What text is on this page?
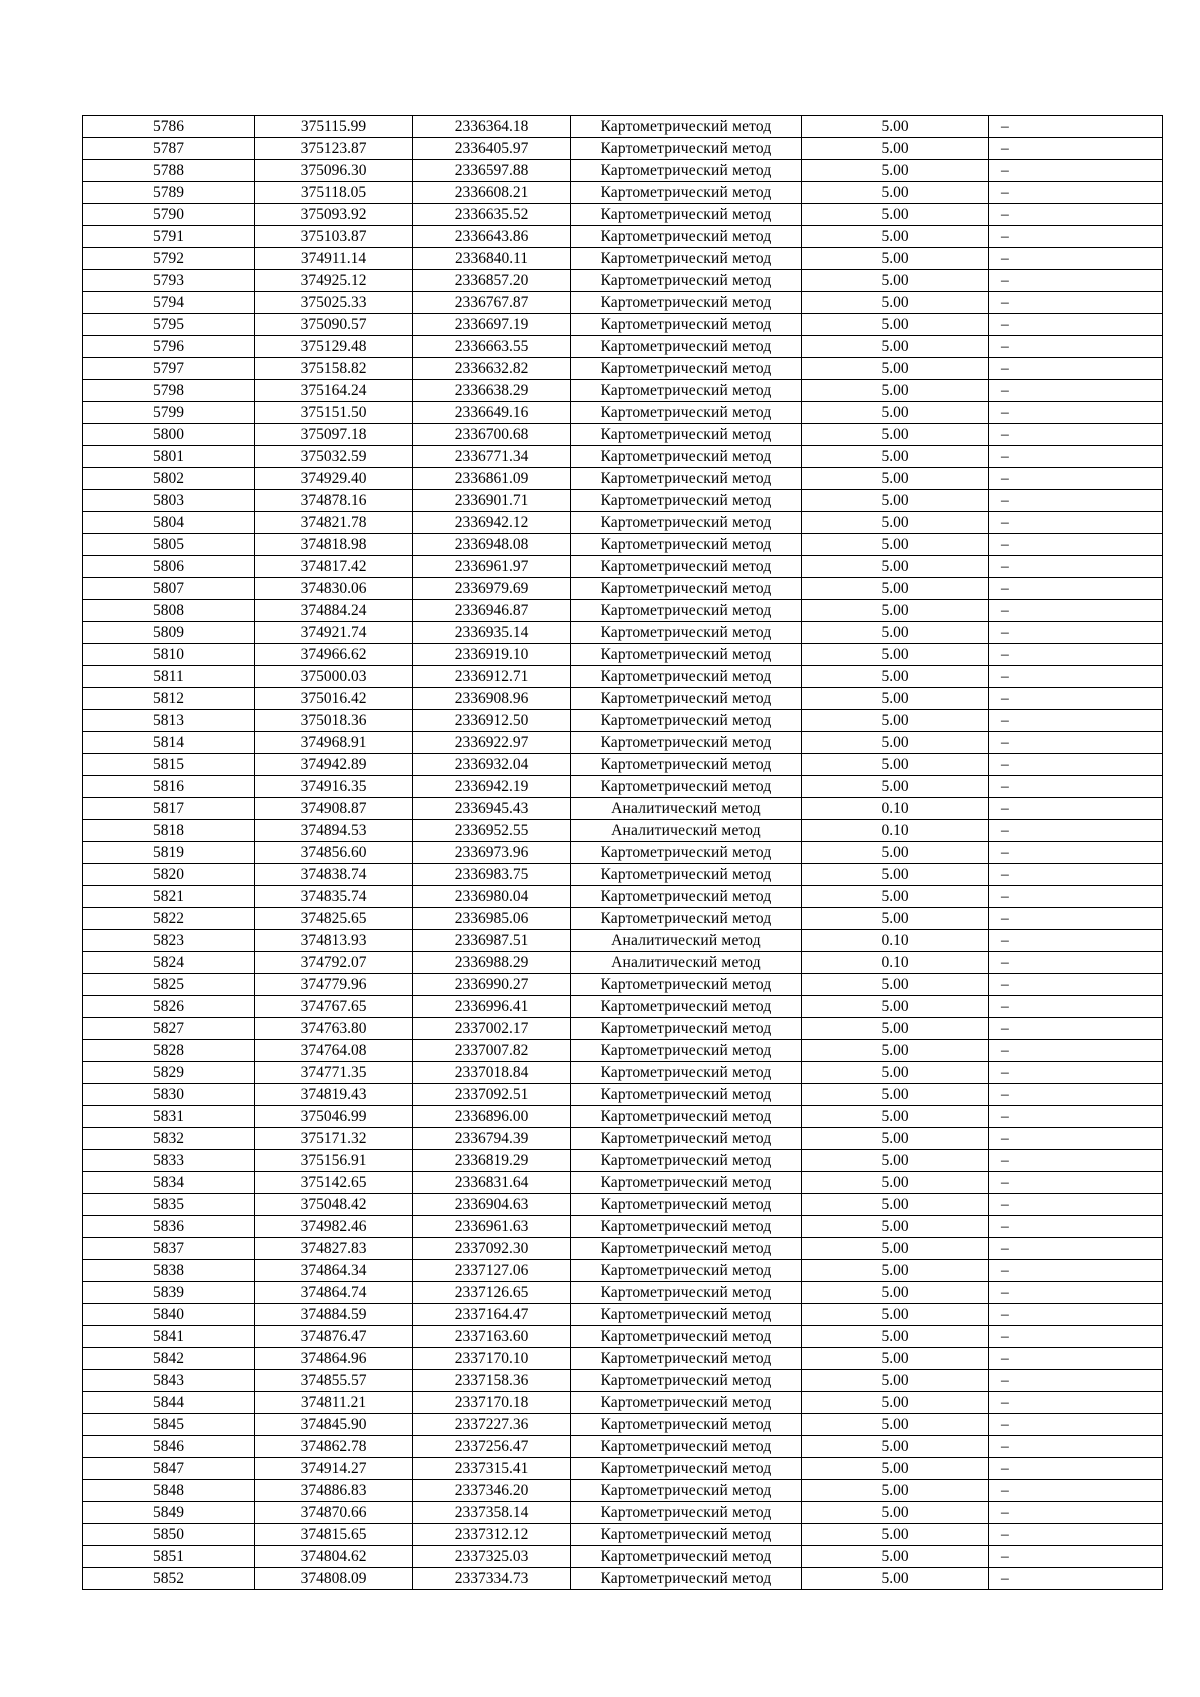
5786	375115.99	2336364.18	Картометрический метод	5.00	–
5787	375123.87	2336405.97	Картометрический метод	5.00	–
5788	375096.30	2336597.88	Картометрический метод	5.00	–
5789	375118.05	2336608.21	Картометрический метод	5.00	–
5790	375093.92	2336635.52	Картометрический метод	5.00	–
5791	375103.87	2336643.86	Картометрический метод	5.00	–
5792	374911.14	2336840.11	Картометрический метод	5.00	–
5793	374925.12	2336857.20	Картометрический метод	5.00	–
5794	375025.33	2336767.87	Картометрический метод	5.00	–
5795	375090.57	2336697.19	Картометрический метод	5.00	–
5796	375129.48	2336663.55	Картометрический метод	5.00	–
5797	375158.82	2336632.82	Картометрический метод	5.00	–
5798	375164.24	2336638.29	Картометрический метод	5.00	–
5799	375151.50	2336649.16	Картометрический метод	5.00	–
5800	375097.18	2336700.68	Картометрический метод	5.00	–
5801	375032.59	2336771.34	Картометрический метод	5.00	–
5802	374929.40	2336861.09	Картометрический метод	5.00	–
5803	374878.16	2336901.71	Картометрический метод	5.00	–
5804	374821.78	2336942.12	Картометрический метод	5.00	–
5805	374818.98	2336948.08	Картометрический метод	5.00	–
5806	374817.42	2336961.97	Картометрический метод	5.00	–
5807	374830.06	2336979.69	Картометрический метод	5.00	–
5808	374884.24	2336946.87	Картометрический метод	5.00	–
5809	374921.74	2336935.14	Картометрический метод	5.00	–
5810	374966.62	2336919.10	Картометрический метод	5.00	–
5811	375000.03	2336912.71	Картометрический метод	5.00	–
5812	375016.42	2336908.96	Картометрический метод	5.00	–
5813	375018.36	2336912.50	Картометрический метод	5.00	–
5814	374968.91	2336922.97	Картометрический метод	5.00	–
5815	374942.89	2336932.04	Картометрический метод	5.00	–
5816	374916.35	2336942.19	Картометрический метод	5.00	–
5817	374908.87	2336945.43	Аналитический метод	0.10	–
5818	374894.53	2336952.55	Аналитический метод	0.10	–
5819	374856.60	2336973.96	Картометрический метод	5.00	–
5820	374838.74	2336983.75	Картометрический метод	5.00	–
5821	374835.74	2336980.04	Картометрический метод	5.00	–
5822	374825.65	2336985.06	Картометрический метод	5.00	–
5823	374813.93	2336987.51	Аналитический метод	0.10	–
5824	374792.07	2336988.29	Аналитический метод	0.10	–
5825	374779.96	2336990.27	Картометрический метод	5.00	–
5826	374767.65	2336996.41	Картометрический метод	5.00	–
5827	374763.80	2337002.17	Картометрический метод	5.00	–
5828	374764.08	2337007.82	Картометрический метод	5.00	–
5829	374771.35	2337018.84	Картометрический метод	5.00	–
5830	374819.43	2337092.51	Картометрический метод	5.00	–
5831	375046.99	2336896.00	Картометрический метод	5.00	–
5832	375171.32	2336794.39	Картометрический метод	5.00	–
5833	375156.91	2336819.29	Картометрический метод	5.00	–
5834	375142.65	2336831.64	Картометрический метод	5.00	–
5835	375048.42	2336904.63	Картометрический метод	5.00	–
5836	374982.46	2336961.63	Картометрический метод	5.00	–
5837	374827.83	2337092.30	Картометрический метод	5.00	–
5838	374864.34	2337127.06	Картометрический метод	5.00	–
5839	374864.74	2337126.65	Картометрический метод	5.00	–
5840	374884.59	2337164.47	Картометрический метод	5.00	–
5841	374876.47	2337163.60	Картометрический метод	5.00	–
5842	374864.96	2337170.10	Картометрический метод	5.00	–
5843	374855.57	2337158.36	Картометрический метод	5.00	–
5844	374811.21	2337170.18	Картометрический метод	5.00	–
5845	374845.90	2337227.36	Картометрический метод	5.00	–
5846	374862.78	2337256.47	Картометрический метод	5.00	–
5847	374914.27	2337315.41	Картометрический метод	5.00	–
5848	374886.83	2337346.20	Картометрический метод	5.00	–
5849	374870.66	2337358.14	Картометрический метод	5.00	–
5850	374815.65	2337312.12	Картометрический метод	5.00	–
5851	374804.62	2337325.03	Картометрический метод	5.00	–
5852	374808.09	2337334.73	Картометрический метод	5.00	–
